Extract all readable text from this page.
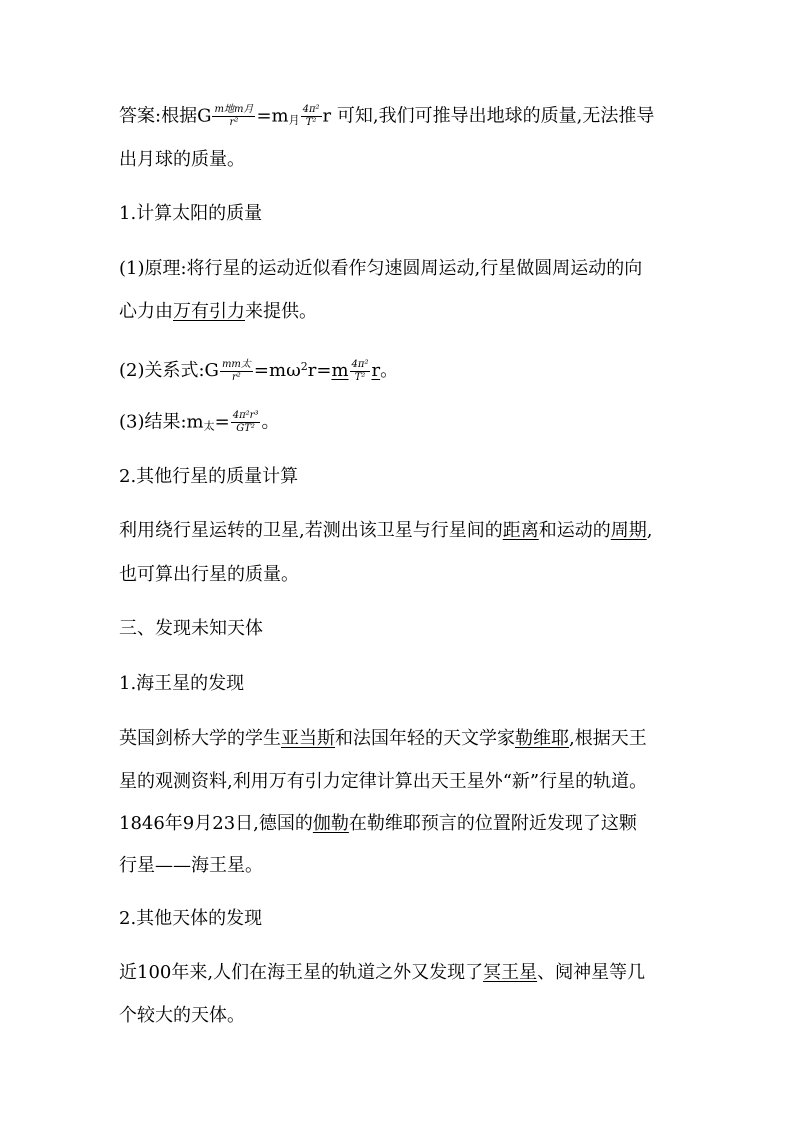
答案:根据G $\frac{\text{m地m月}}{\text{r²}} =m$月 $\frac{\text{4π²}}{\text{T²}}$ r 可知,我们可推导出地球的质量,无法推导
出月球的质量。
1.计算太阳的质量
(1)原理:将行星的运动近似看作匀速圆周运动,行星做圆周运动的向
心力由万有引力来提供。
(2)关系式:G $\frac{\text{mm太}}{\text{r²}} =m\omega^2r=m \frac{\text{4π²}}{\text{T²}}$ r。
(3)结果:m太= $\frac{\text{4π²r³}}{\text{GT²}}$ 。
2.其他行星的质量计算
利用绕行星运转的卫星,若测出该卫星与行星间的距离和运动的周期,
也可算出行星的质量。
三、发现未知天体
1.海王星的发现
英国剑桥大学的学生亚当斯和法国年轻的天文学家勒维耶,根据天王
星的观测资料,利用万有引力定律计算出天王星外“新”行星的轨道。
1846年9月23日,德国的伽勒在勒维耶预言的位置附近发现了这颗
行星——海王星。
2.其他天体的发现
近100年来,人们在海王星的轨道之外又发现了冥王星、阋神星等几
个较大的天体。
